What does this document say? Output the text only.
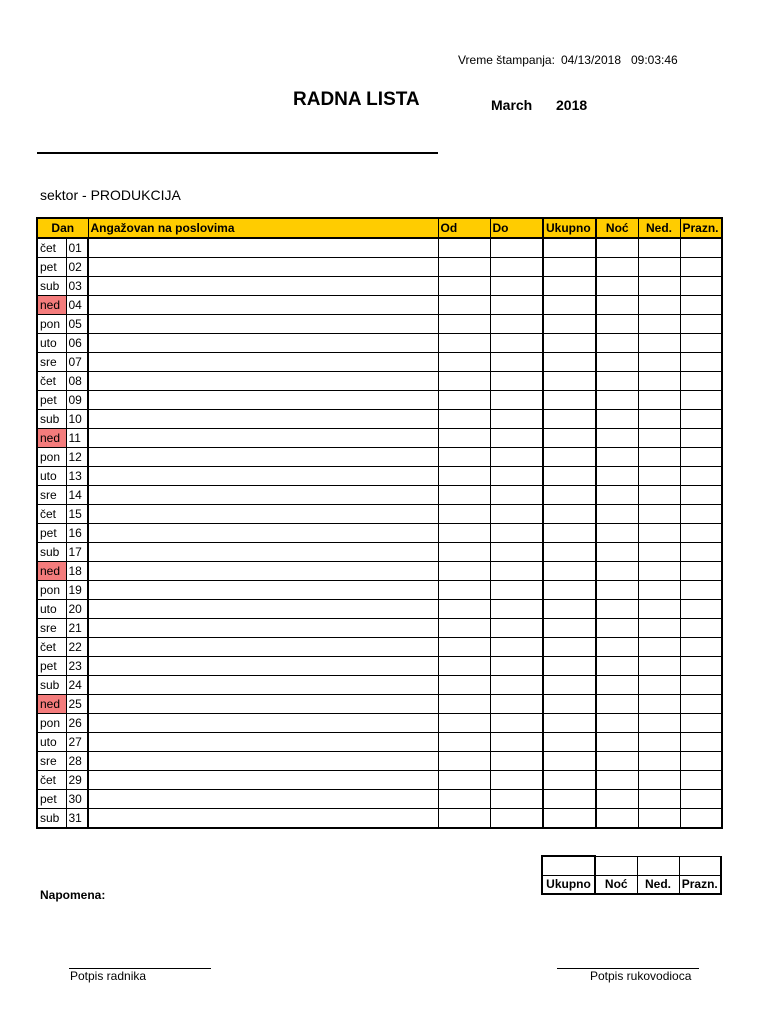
Vreme štampanja: 04/13/2018 09:03:46
RADNA LISTA	March 2018
sektor - PRODUKCIJA
Dan		Angažovan na poslovima	Od	Do	Ukupno	Noć	Ned.	Prazn.
čet	01							
pet	02							
sub	03							
ned	04							
pon	05							
uto	06							
sre	07							
čet	08							
pet	09							
sub	10							
ned	11							
pon	12							
uto	13							
sre	14							
čet	15							
pet	16							
sub	17							
ned	18							
pon	19							
uto	20							
sre	21							
čet	22							
pet	23							
sub	24							
ned	25							
pon	26							
uto	27							
sre	28							
čet	29							
pet	30							
sub	31							

Ukupno	Noć	Ned.	Prazn.
Napomena:
Potpis radnika	Potpis rukovodioca
